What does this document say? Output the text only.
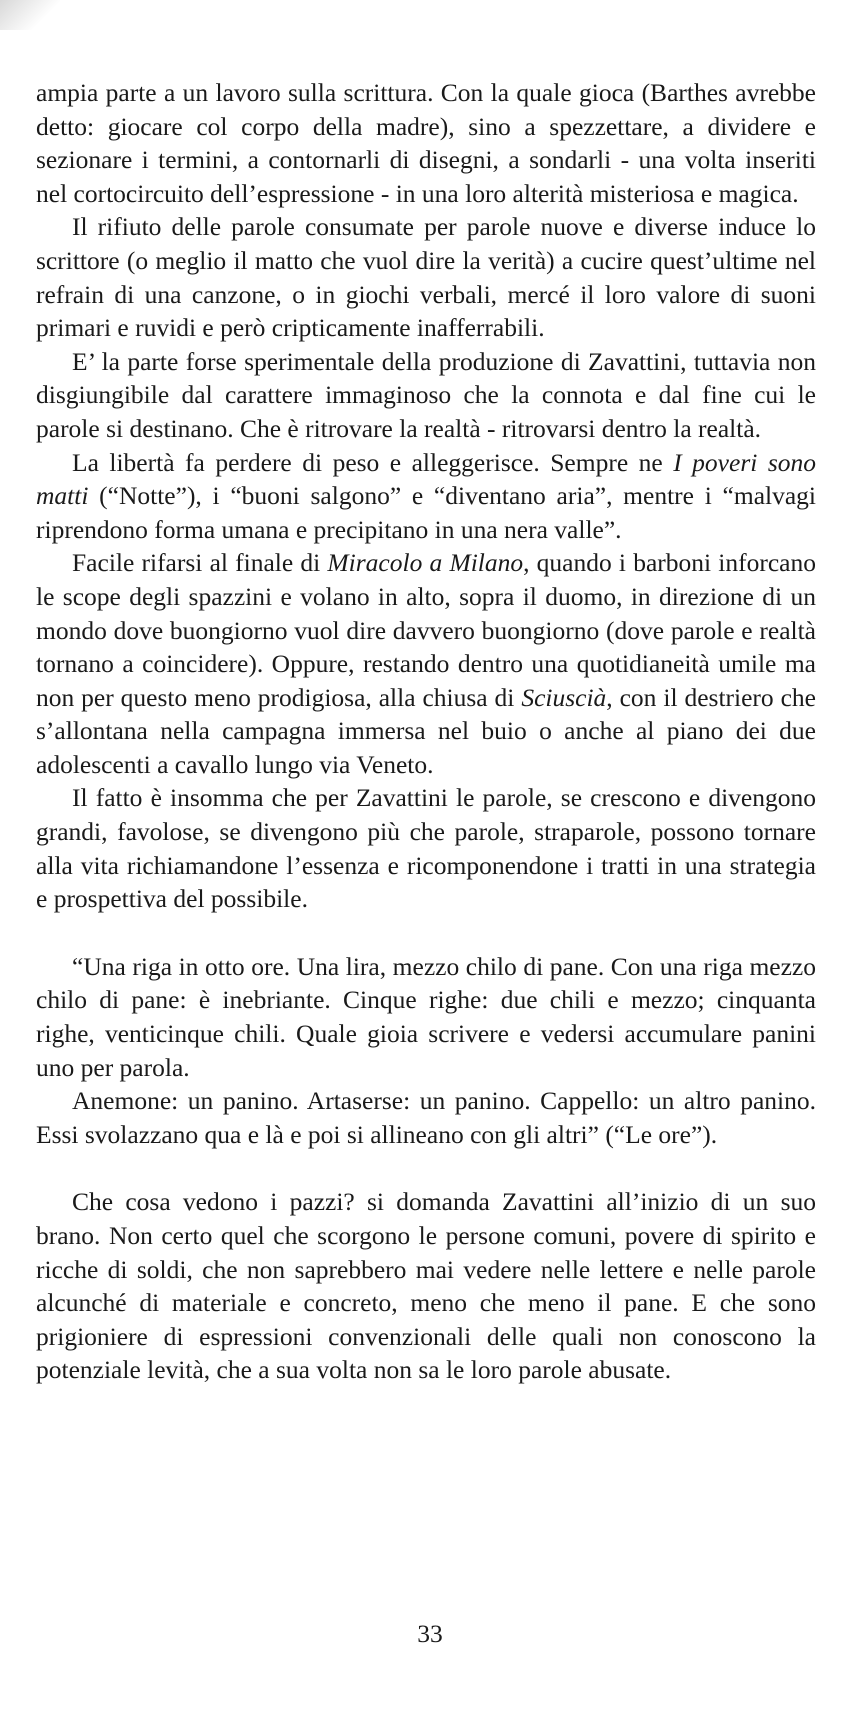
ampia parte a un lavoro sulla scrittura. Con la quale gioca (Barthes avrebbe detto: giocare col corpo della madre), sino a spezzettare, a dividere e sezionare i termini, a contornarli di disegni, a sondarli - una volta inseriti nel cortocircuito dell’espressione - in una loro alterità misteriosa e magica.

Il rifiuto delle parole consumate per parole nuove e diverse induce lo scrittore (o meglio il matto che vuol dire la verità) a cucire quest’ultime nel refrain di una canzone, o in giochi verbali, mercé il loro valore di suoni primari e ruvidi e però cripticamente inafferrabili.

E’ la parte forse sperimentale della produzione di Zavattini, tuttavia non disgiungibile dal carattere immaginoso che la connota e dal fine cui le parole si destinano. Che è ritrovare la realtà - ritrovarsi dentro la realtà.

La libertà fa perdere di peso e alleggerisce. Sempre ne I poveri sono matti (“Notte”), i “buoni salgono” e “diventano aria”, mentre i “malvagi riprendono forma umana e precipitano in una nera valle”.

Facile rifarsi al finale di Miracolo a Milano, quando i barboni inforcano le scope degli spazzini e volano in alto, sopra il duomo, in direzione di un mondo dove buongiorno vuol dire davvero buongiorno (dove parole e realtà tornano a coincidere). Oppure, restando dentro una quotidianeità umile ma non per questo meno prodigiosa, alla chiusa di Sciuscià, con il destriero che s’allontana nella campagna immersa nel buio o anche al piano dei due adolescenti a cavallo lungo via Veneto.

Il fatto è insomma che per Zavattini le parole, se crescono e divengono grandi, favolose, se divengono più che parole, straparole, possono tornare alla vita richiamandone l’essenza e ricomponendone i tratti in una strategia e prospettiva del possibile.

“Una riga in otto ore. Una lira, mezzo chilo di pane. Con una riga mezzo chilo di pane: è inebriante. Cinque righe: due chili e mezzo; cinquanta righe, venticinque chili. Quale gioia scrivere e vedersi accumulare panini uno per parola.

Anemone: un panino. Artaserse: un panino. Cappello: un altro panino. Essi svolazzano qua e là e poi si allineano con gli altri” (“Le ore”).

Che cosa vedono i pazzi? si domanda Zavattini all’inizio di un suo brano. Non certo quel che scorgono le persone comuni, povere di spirito e ricche di soldi, che non saprebbero mai vedere nelle lettere e nelle parole alcunché di materiale e concreto, meno che meno il pane. E che sono prigioniere di espressioni convenzionali delle quali non conoscono la potenziale levità, che a sua volta non sa le loro parole abusate.

33
